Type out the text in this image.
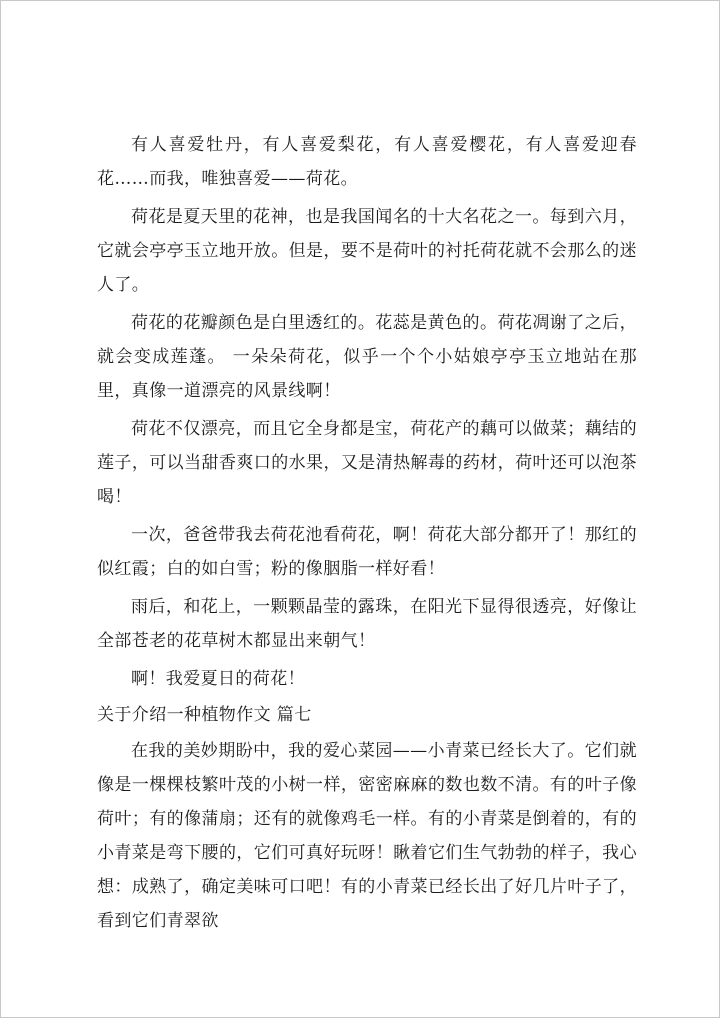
有人喜爱牡丹，有人喜爱梨花，有人喜爱樱花，有人喜爱迎春花……而我，唯独喜爱——荷花。

荷花是夏天里的花神，也是我国闻名的十大名花之一。每到六月，它就会亭亭玉立地开放。但是，要不是荷叶的衬托荷花就不会那么的迷人了。

荷花的花瓣颜色是白里透红的。花蕊是黄色的。荷花凋谢了之后，就会变成莲蓬。 一朵朵荷花，似乎一个个小姑娘亭亭玉立地站在那里，真像一道漂亮的风景线啊！

荷花不仅漂亮，而且它全身都是宝，荷花产的藕可以做菜；藕结的莲子，可以当甜香爽口的水果，又是清热解毒的药材，荷叶还可以泡茶喝！

一次，爸爸带我去荷花池看荷花，啊！荷花大部分都开了！那红的似红霞；白的如白雪；粉的像胭脂一样好看！

雨后，和花上，一颗颗晶莹的露珠，在阳光下显得很透亮，好像让全部苍老的花草树木都显出来朝气！

啊！我爱夏日的荷花！

关于介绍一种植物作文 篇七

在我的美妙期盼中，我的爱心菜园——小青菜已经长大了。它们就像是一棵棵枝繁叶茂的小树一样，密密麻麻的数也数不清。有的叶子像荷叶；有的像蒲扇；还有的就像鸡毛一样。有的小青菜是倒着的，有的小青菜是弯下腰的，它们可真好玩呀！瞅着它们生气勃勃的样子，我心想：成熟了，确定美味可口吧！有的小青菜已经长出了好几片叶子了，看到它们青翠欲
